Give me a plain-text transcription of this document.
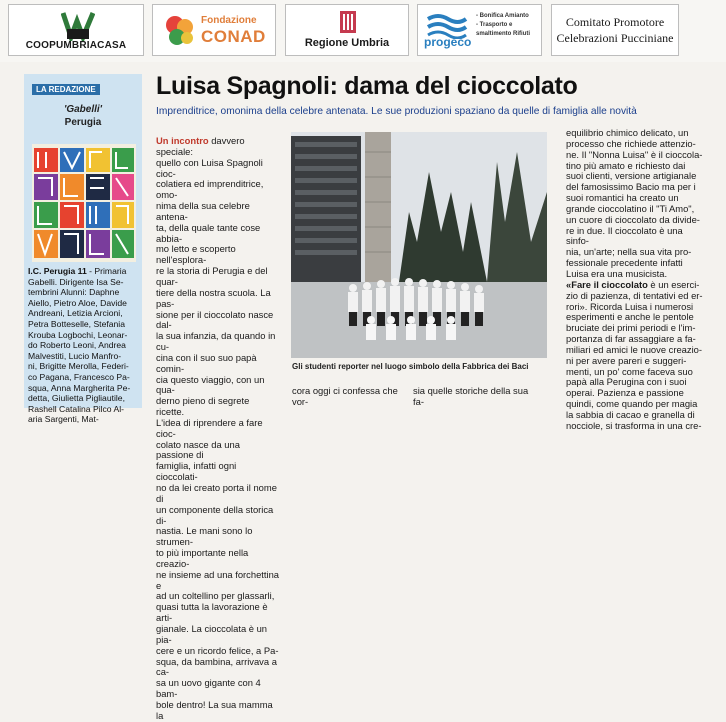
COOPUMBRIACASA
Fondazione
CONAD	Regione Umbria
- Bonifica Amianto
- Trasporto e
smaltimento Rifiuti
progeco
Comitato Promotore
Celebrazioni Pucciniane
LA REDAZIONE
'Gabelli'
Perugia
I.C. Perugia 11 - Primaria
Gabelli. Dirigente Isa Se-
tembrini Alunni: Daphne
Aiello, Pietro Aloe, Davide
Andreani, Letizia Arcioni,
Petra Botteselle, Stefania
Krouba Logbochi, Leonar-
do Roberto Leoni, Andrea
Malvestiti, Lucio Manfro-
ni, Brigitte Merolla, Federi-
co Pagana, Francesco Pa-
squa, Anna Margherita Pe-
detta, Giulietta Pigliautile,
Rashell Catalina Pilco Al-
aria Sargenti, Mat-
Luisa Spagnoli: dama del cioccolato
Imprenditrice, omonima della celebre antenata. Le sue produzioni spaziano da quelle di famiglia alle novità
Un incontro davvero speciale:
quello con Luisa Spagnoli cioc-
colatiera ed imprenditrice, omo-
nima della sua celebre antena-
ta, della quale tante cose abbia-
mo letto e scoperto nell'esplora-
re la storia di Perugia e del quar-
tiere della nostra scuola. La pas-
sione per il cioccolato nasce dal-
la sua infanzia, da quando in cu-
cina con il suo suo papà comin-
cia questo viaggio, con un qua-
derno pieno di segrete ricette.
L'idea di riprendere a fare cioc-
colato nasce da una passione di
famiglia, infatti ogni cioccolati-
no da lei creato porta il nome di
un componente della storica di-
nastia. Le mani sono lo strumen-
to più importante nella creazio-
ne insieme ad una forchettina e
ad un coltellino per glassarli,
quasi tutta la lavorazione è arti-
gianale. La cioccolata è un pia-
cere e un ricordo felice, a Pa-
squa, da bambina, arrivava a ca-
sa un uovo gigante con 4 bam-
bole dentro! La sua mamma la
Gli studenti reporter nel luogo simbolo della Fabbrica dei Baci
cora oggi ci confessa che vor-
sia quelle storiche della sua fa-
equilibrio chimico delicato, un
processo che richiede attenzio-
ne. Il "Nonna Luisa" è il cioccola-
tino più amato e richiesto dai
suoi clienti, versione artigianale
del famosissimo Bacio ma per i
suoi romantici ha creato un
grande cioccolatino il "Ti Amo",
un cuore di cioccolato da divide-
re in due. Il cioccolato è una sinfo-
nia, un'arte; nella sua vita pro-
fessionale precedente infatti
Luisa era una musicista.
«Fare il cioccolato è un eserci-
zio di pazienza, di tentativi ed er-
rori». Ricorda Luisa i numerosi
esperimenti e anche le pentole
bruciate dei primi periodi e l'im-
portanza di far assaggiare a fa-
miliari ed amici le nuove creazio-
ni per avere pareri e suggeri-
menti, un po' come faceva suo
papà alla Perugina con i suoi
operai. Pazienza e passione
quindi, come quando per magia
la sabbia di cacao e granella di
nocciole, si trasforma in una cre-
